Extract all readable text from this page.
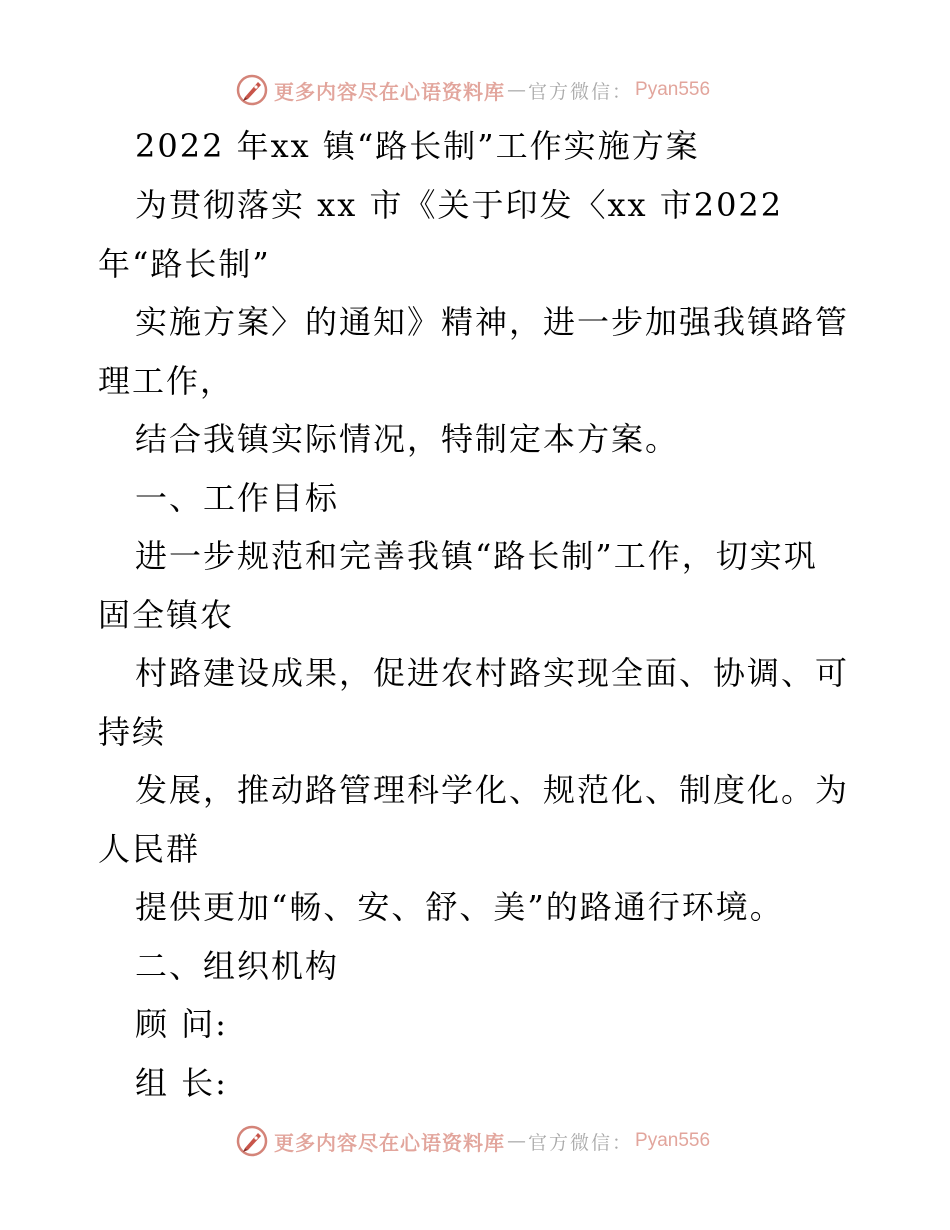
更多内容尽在心语资料库 — 官方微信： Pyan556
2022 年xx 镇“路长制”工作实施方案
为贯彻落实 xx 市《关于印发〈xx 市2022
年“路长制”
实施方案〉的通知》精神，进一步加强我镇路管
理工作，
结合我镇实际情况，特制定本方案。
一、工作目标
进一步规范和完善我镇“路长制”工作，切实巩
固全镇农
村路建设成果，促进农村路实现全面、协调、可
持续
发展，推动路管理科学化、规范化、制度化。为
人民群
提供更加“畅、安、舒、美”的路通行环境。
二、组织机构
顾 问:
组 长:
更多内容尽在心语资料库 — 官方微信： Pyan556
